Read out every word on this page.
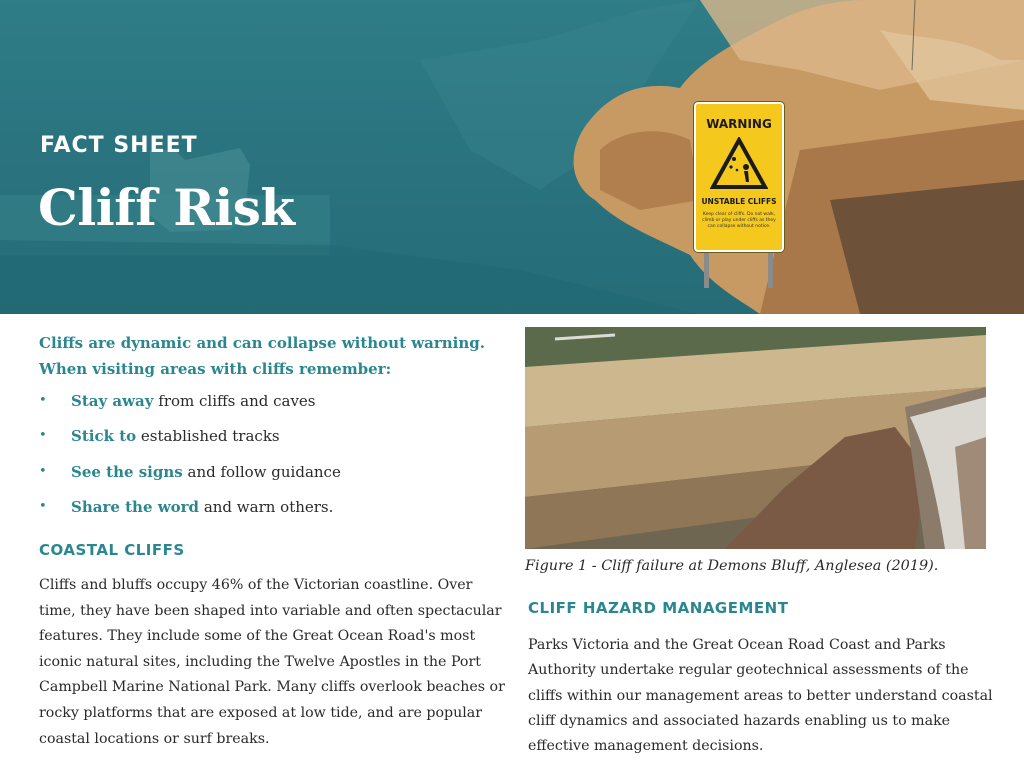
FACT SHEET
Cliff Risk
WARNING
UNSTABLE CLIFFS
Keep clear of cliffs. Do not walk, climb or play under cliffs as they can collapse without notice.

Cliffs are dynamic and can collapse without warning. When visiting areas with cliffs remember:

• Stay away from cliffs and caves
• Stick to established tracks
• See the signs and follow guidance
• Share the word and warn others.
COASTAL CLIFFS

Cliffs and bluffs occupy 46% of the Victorian coastline. Over time, they have been shaped into variable and often spectacular features. They include some of the Great Ocean Road's most iconic natural sites, including the Twelve Apostles in the Port Campbell Marine National Park. Many cliffs overlook beaches or rocky platforms that are exposed at low tide, and are popular coastal locations or surf breaks.

Figure 1 - Cliff failure at Demons Bluff, Anglesea (2019).
CLIFF HAZARD MANAGEMENT

Parks Victoria and the Great Ocean Road Coast and Parks Authority undertake regular geotechnical assessments of the cliffs within our management areas to better understand coastal cliff dynamics and associated hazards enabling us to make effective management decisions.
